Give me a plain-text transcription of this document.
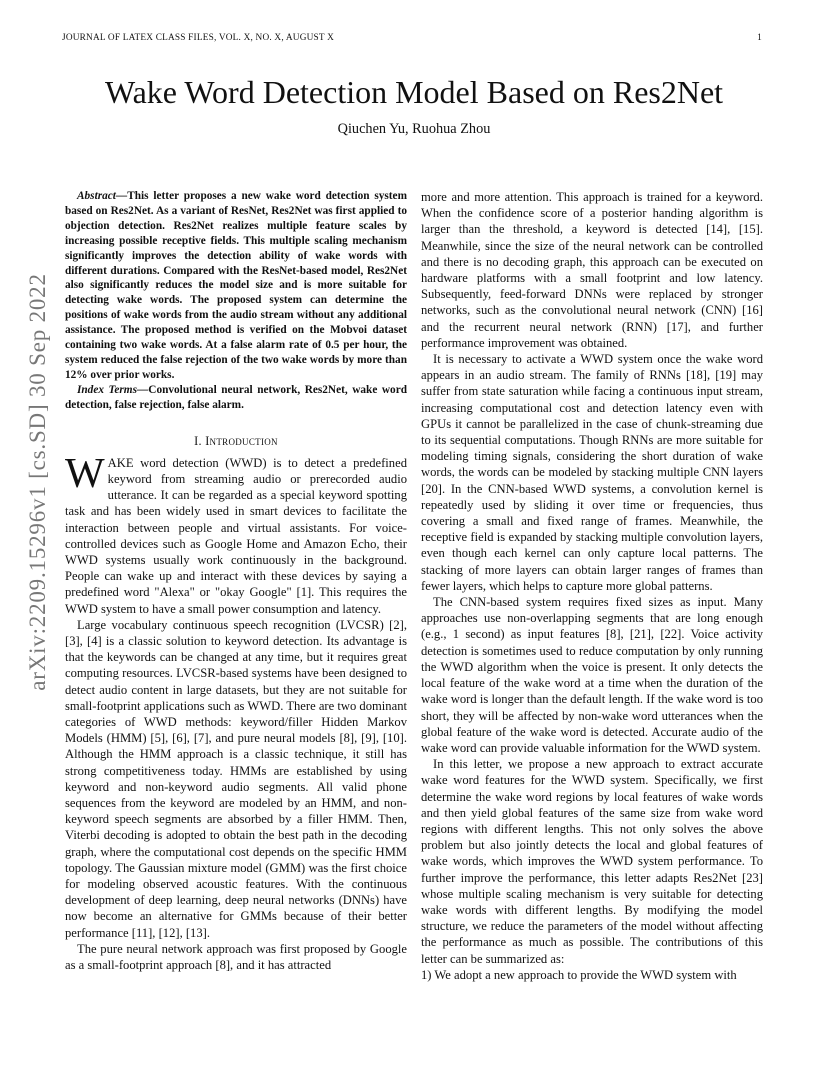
JOURNAL OF LATEX CLASS FILES, VOL. X, NO. X, AUGUST X	1
arXiv:2209.15296v1 [cs.SD] 30 Sep 2022
Wake Word Detection Model Based on Res2Net
Qiuchen Yu, Ruohua Zhou

Abstract—This letter proposes a new wake word detection system based on Res2Net. As a variant of ResNet, Res2Net was first applied to objection detection. Res2Net realizes multiple feature scales by increasing possible receptive fields. This multiple scaling mechanism significantly improves the detection ability of wake words with different durations. Compared with the ResNet-based model, Res2Net also significantly reduces the model size and is more suitable for detecting wake words. The proposed system can determine the positions of wake words from the audio stream without any additional assistance. The proposed method is verified on the Mobvoi dataset containing two wake words. At a false alarm rate of 0.5 per hour, the system reduced the false rejection of the two wake words by more than 12% over prior works.

Index Terms—Convolutional neural network, Res2Net, wake word detection, false rejection, false alarm.

I. Introduction

WAKE word detection (WWD) is to detect a predefined keyword from streaming audio or prerecorded audio utterance. It can be regarded as a special keyword spotting task and has been widely used in smart devices to facilitate the interaction between people and virtual assistants. For voice-controlled devices such as Google Home and Amazon Echo, their WWD systems usually work continuously in the background. People can wake up and interact with these devices by saying a predefined word "Alexa" or "okay Google" [1]. This requires the WWD system to have a small power consumption and latency.

Large vocabulary continuous speech recognition (LVCSR) [2], [3], [4] is a classic solution to keyword detection. Its advantage is that the keywords can be changed at any time, but it requires great computing resources. LVCSR-based systems have been designed to detect audio content in large datasets, but they are not suitable for small-footprint applications such as WWD. There are two dominant categories of WWD methods: keyword/filler Hidden Markov Models (HMM) [5], [6], [7], and pure neural models [8], [9], [10]. Although the HMM approach is a classic technique, it still has strong competitiveness today. HMMs are established by using keyword and non-keyword audio segments. All valid phone sequences from the keyword are modeled by an HMM, and non-keyword speech segments are absorbed by a filler HMM. Then, Viterbi decoding is adopted to obtain the best path in the decoding graph, where the computational cost depends on the specific HMM topology. The Gaussian mixture model (GMM) was the first choice for modeling observed acoustic features. With the continuous development of deep learning, deep neural networks (DNNs) have now become an alternative for GMMs because of their better performance [11], [12], [13].

The pure neural network approach was first proposed by Google as a small-footprint approach [8], and it has attracted

more and more attention. This approach is trained for a keyword. When the confidence score of a posterior handing algorithm is larger than the threshold, a keyword is detected [14], [15]. Meanwhile, since the size of the neural network can be controlled and there is no decoding graph, this approach can be executed on hardware platforms with a small footprint and low latency. Subsequently, feed-forward DNNs were replaced by stronger networks, such as the convolutional neural network (CNN) [16] and the recurrent neural network (RNN) [17], and further performance improvement was obtained.

It is necessary to activate a WWD system once the wake word appears in an audio stream. The family of RNNs [18], [19] may suffer from state saturation while facing a continuous input stream, increasing computational cost and detection latency even with GPUs it cannot be parallelized in the case of chunk-streaming due to its sequential computations. Though RNNs are more suitable for modeling timing signals, considering the short duration of wake words, the words can be modeled by stacking multiple CNN layers [20]. In the CNN-based WWD systems, a convolution kernel is repeatedly used by sliding it over time or frequencies, thus covering a small and fixed range of frames. Meanwhile, the receptive field is expanded by stacking multiple convolution layers, even though each kernel can only capture local patterns. The stacking of more layers can obtain larger ranges of frames than fewer layers, which helps to capture more global patterns.

The CNN-based system requires fixed sizes as input. Many approaches use non-overlapping segments that are long enough (e.g., 1 second) as input features [8], [21], [22]. Voice activity detection is sometimes used to reduce computation by only running the WWD algorithm when the voice is present. It only detects the local feature of the wake word at a time when the duration of the wake word is longer than the default length. If the wake word is too short, they will be affected by non-wake word utterances when the global feature of the wake word is detected. Accurate audio of the wake word can provide valuable information for the WWD system.

In this letter, we propose a new approach to extract accurate wake word features for the WWD system. Specifically, we first determine the wake word regions by local features of wake words and then yield global features of the same size from wake word regions with different lengths. This not only solves the above problem but also jointly detects the local and global features of wake words, which improves the WWD system performance. To further improve the performance, this letter adapts Res2Net [23] whose multiple scaling mechanism is very suitable for detecting wake words with different lengths. By modifying the model structure, we reduce the parameters of the model without affecting the performance as much as possible. The contributions of this letter can be summarized as:

1) We adopt a new approach to provide the WWD system with
